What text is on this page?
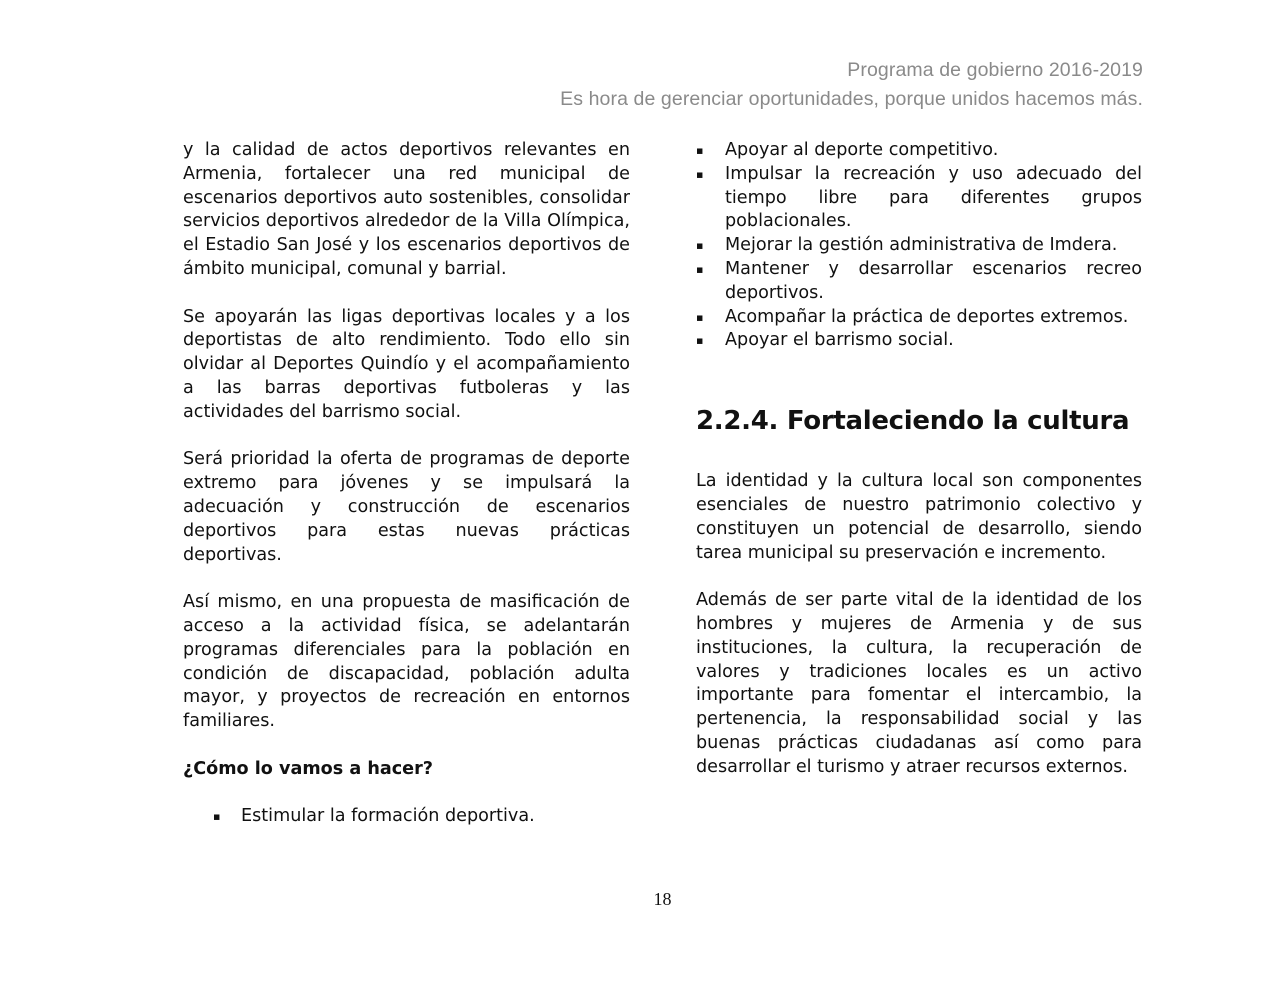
Programa de gobierno 2016-2019
Es hora de gerenciar oportunidades, porque unidos hacemos más.

y la calidad de actos deportivos relevantes en Armenia, fortalecer una red municipal de escenarios deportivos auto sostenibles, consolidar servicios deportivos alrededor de la Villa Olímpica, el Estadio San José y los escenarios deportivos de ámbito municipal, comunal y barrial.

Se apoyarán las ligas deportivas locales y a los deportistas de alto rendimiento. Todo ello sin olvidar al Deportes Quindío y el acompañamiento a las barras deportivas futboleras y las actividades del barrismo social.

Será prioridad la oferta de programas de deporte extremo para jóvenes y se impulsará la adecuación y construcción de escenarios deportivos para estas nuevas prácticas deportivas.

Así mismo, en una propuesta de masificación de acceso a la actividad física, se adelantarán programas diferenciales para la población en condición de discapacidad, población adulta mayor, y proyectos de recreación en entornos familiares.

¿Cómo lo vamos a hacer?
▪ Estimular la formación deportiva.
▪ Apoyar al deporte competitivo.
▪ Impulsar la recreación y uso adecuado del tiempo libre para diferentes grupos poblacionales.
▪ Mejorar la gestión administrativa de Imdera.
▪ Mantener y desarrollar escenarios recreo deportivos.
▪ Acompañar la práctica de deportes extremos.
▪ Apoyar el barrismo social.
2.2.4. Fortaleciendo la cultura

La identidad y la cultura local son componentes esenciales de nuestro patrimonio colectivo y constituyen un potencial de desarrollo, siendo tarea municipal su preservación e incremento.

Además de ser parte vital de la identidad de los hombres y mujeres de Armenia y de sus instituciones, la cultura, la recuperación de valores y tradiciones locales es un activo importante para fomentar el intercambio, la pertenencia, la responsabilidad social y las buenas prácticas ciudadanas así como para desarrollar el turismo y atraer recursos externos.

18
